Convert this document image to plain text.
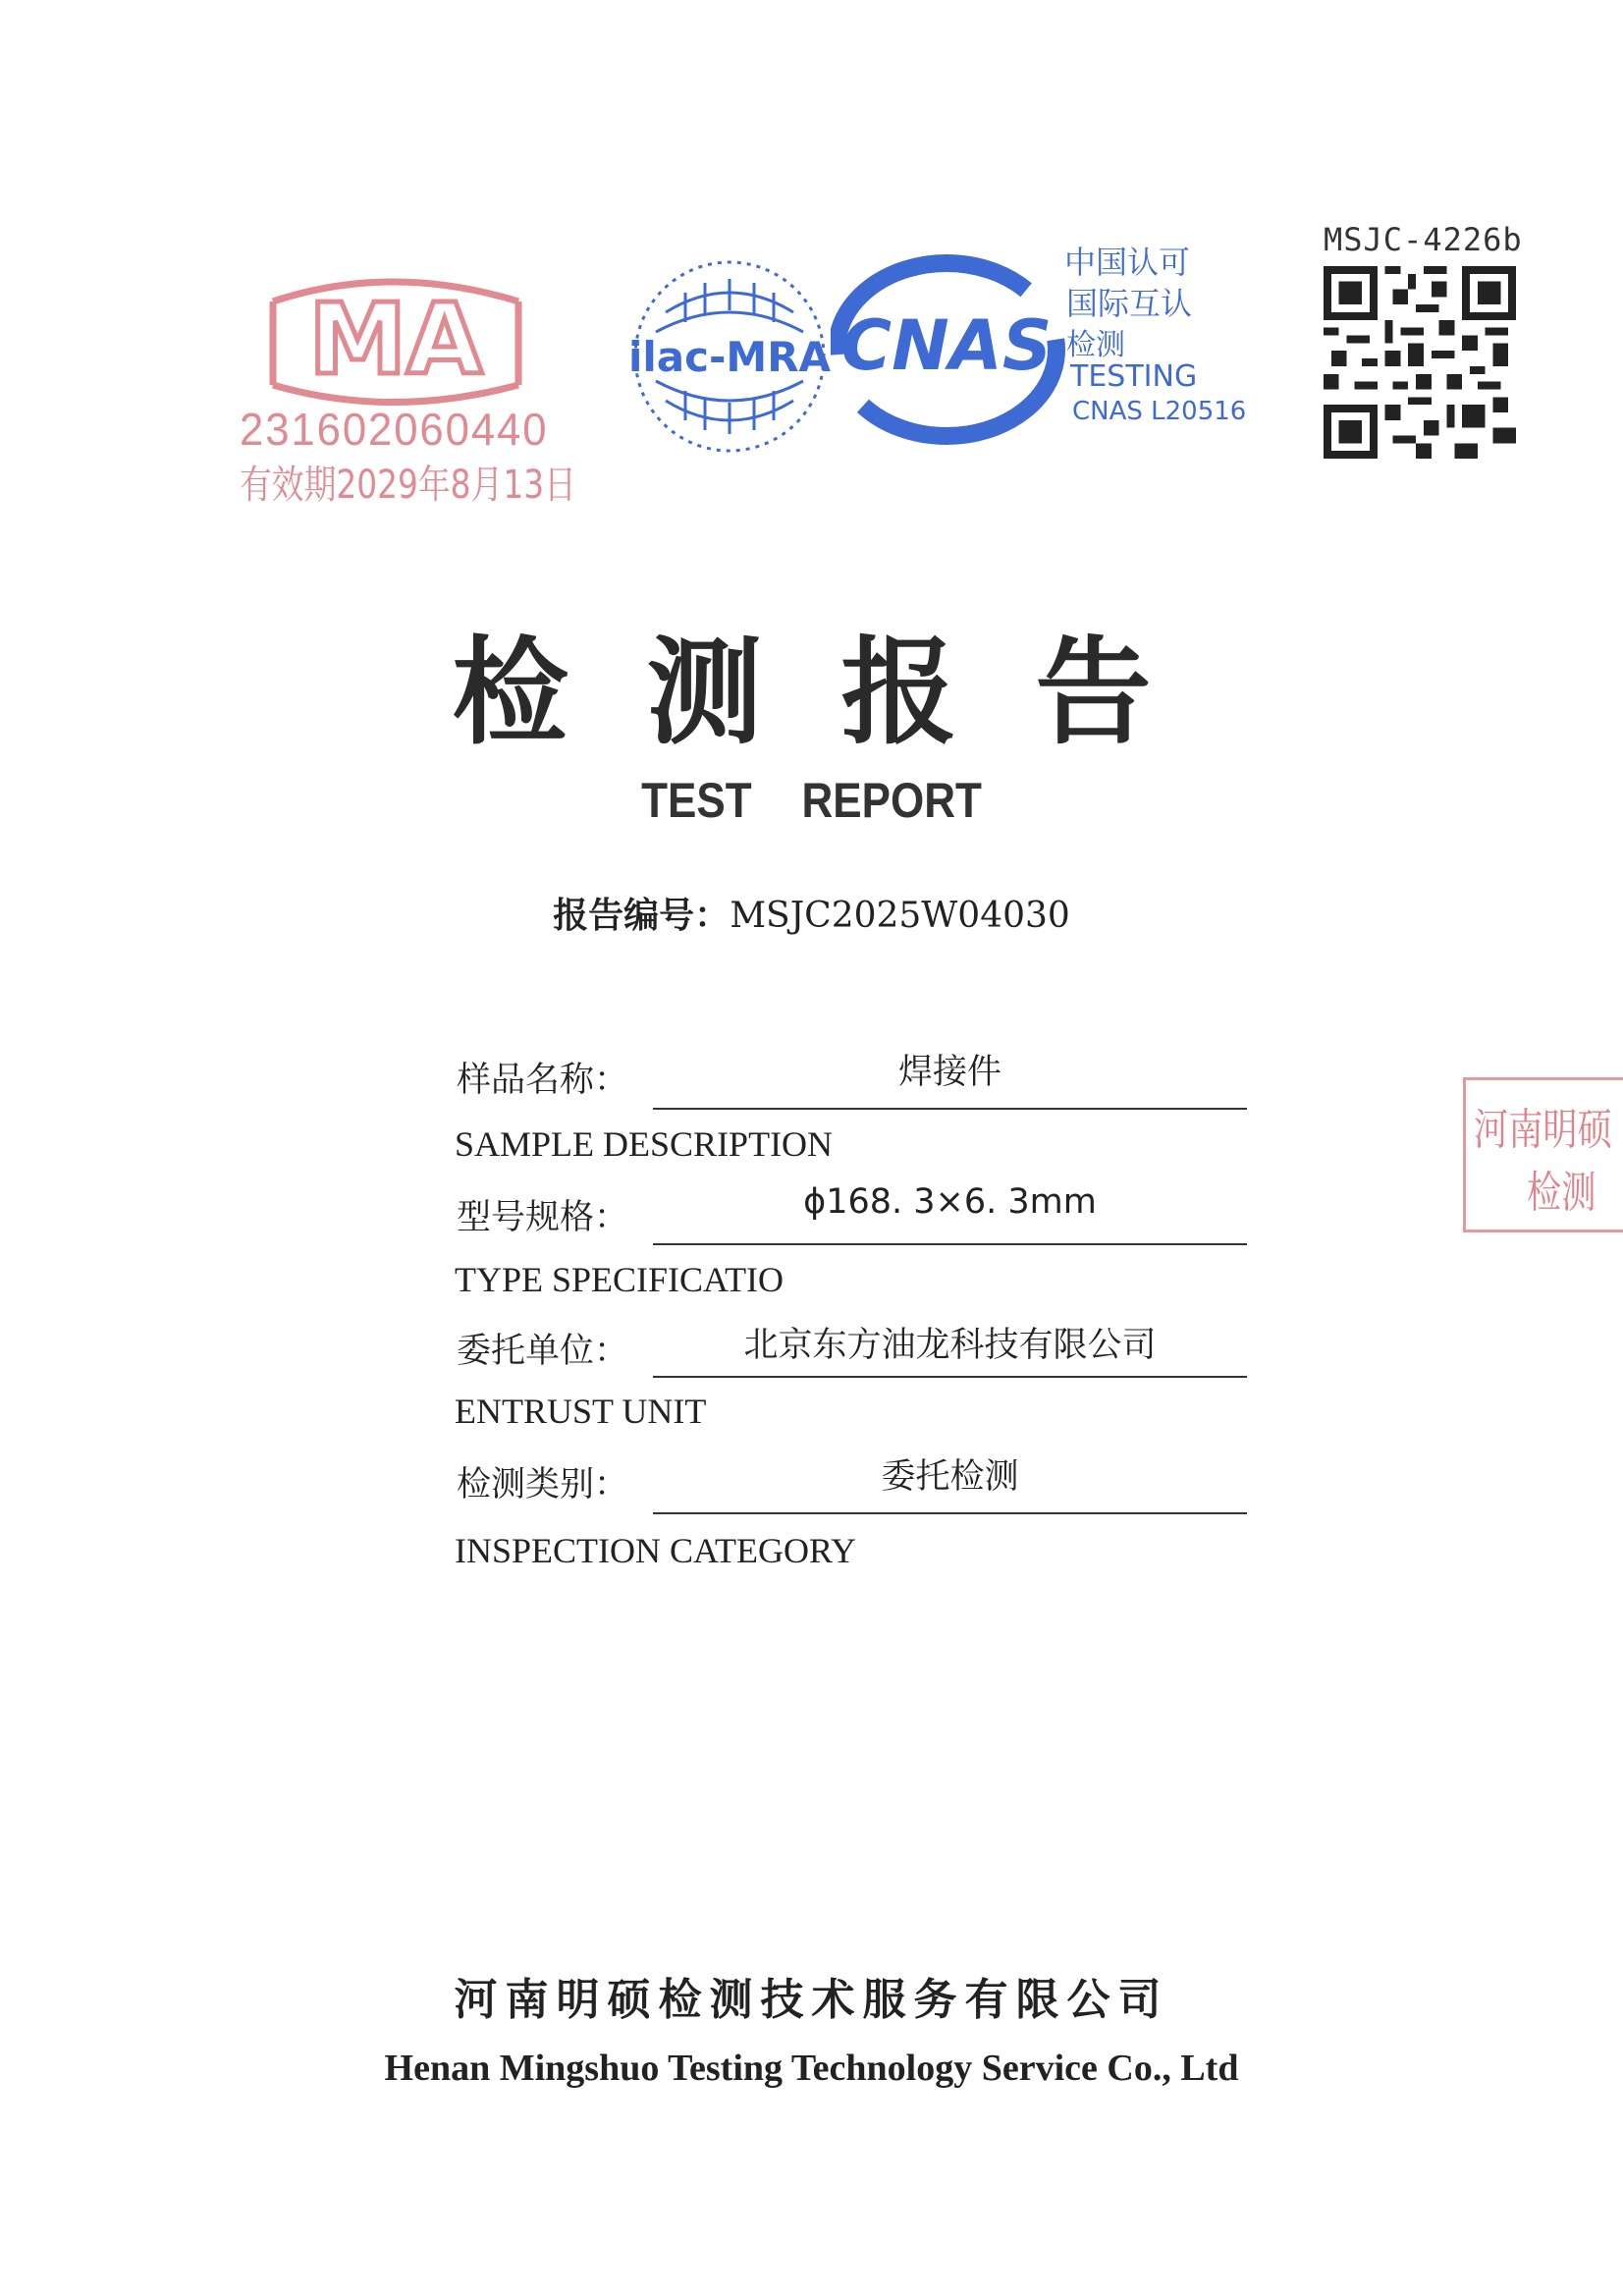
MA
231602060440
有效期2029年8月13日
ilac-MRA CNAS
中国认可
国际互认
检测
TESTING
CNAS L20516
MSJC-4226b
检测报告
TEST REPORT
报告编号：MSJC2025W04030
样品名称：	焊接件
SAMPLE DESCRIPTION
型号规格：	ϕ168. 3×6. 3mm
TYPE SPECIFICATIO
委托单位：	北京东方油龙科技有限公司
ENTRUST UNIT
检测类别：	委托检测
INSPECTION CATEGORY
河南明硕
检测
河南明硕检测技术服务有限公司
Henan Mingshuo Testing Technology Service Co., Ltd
